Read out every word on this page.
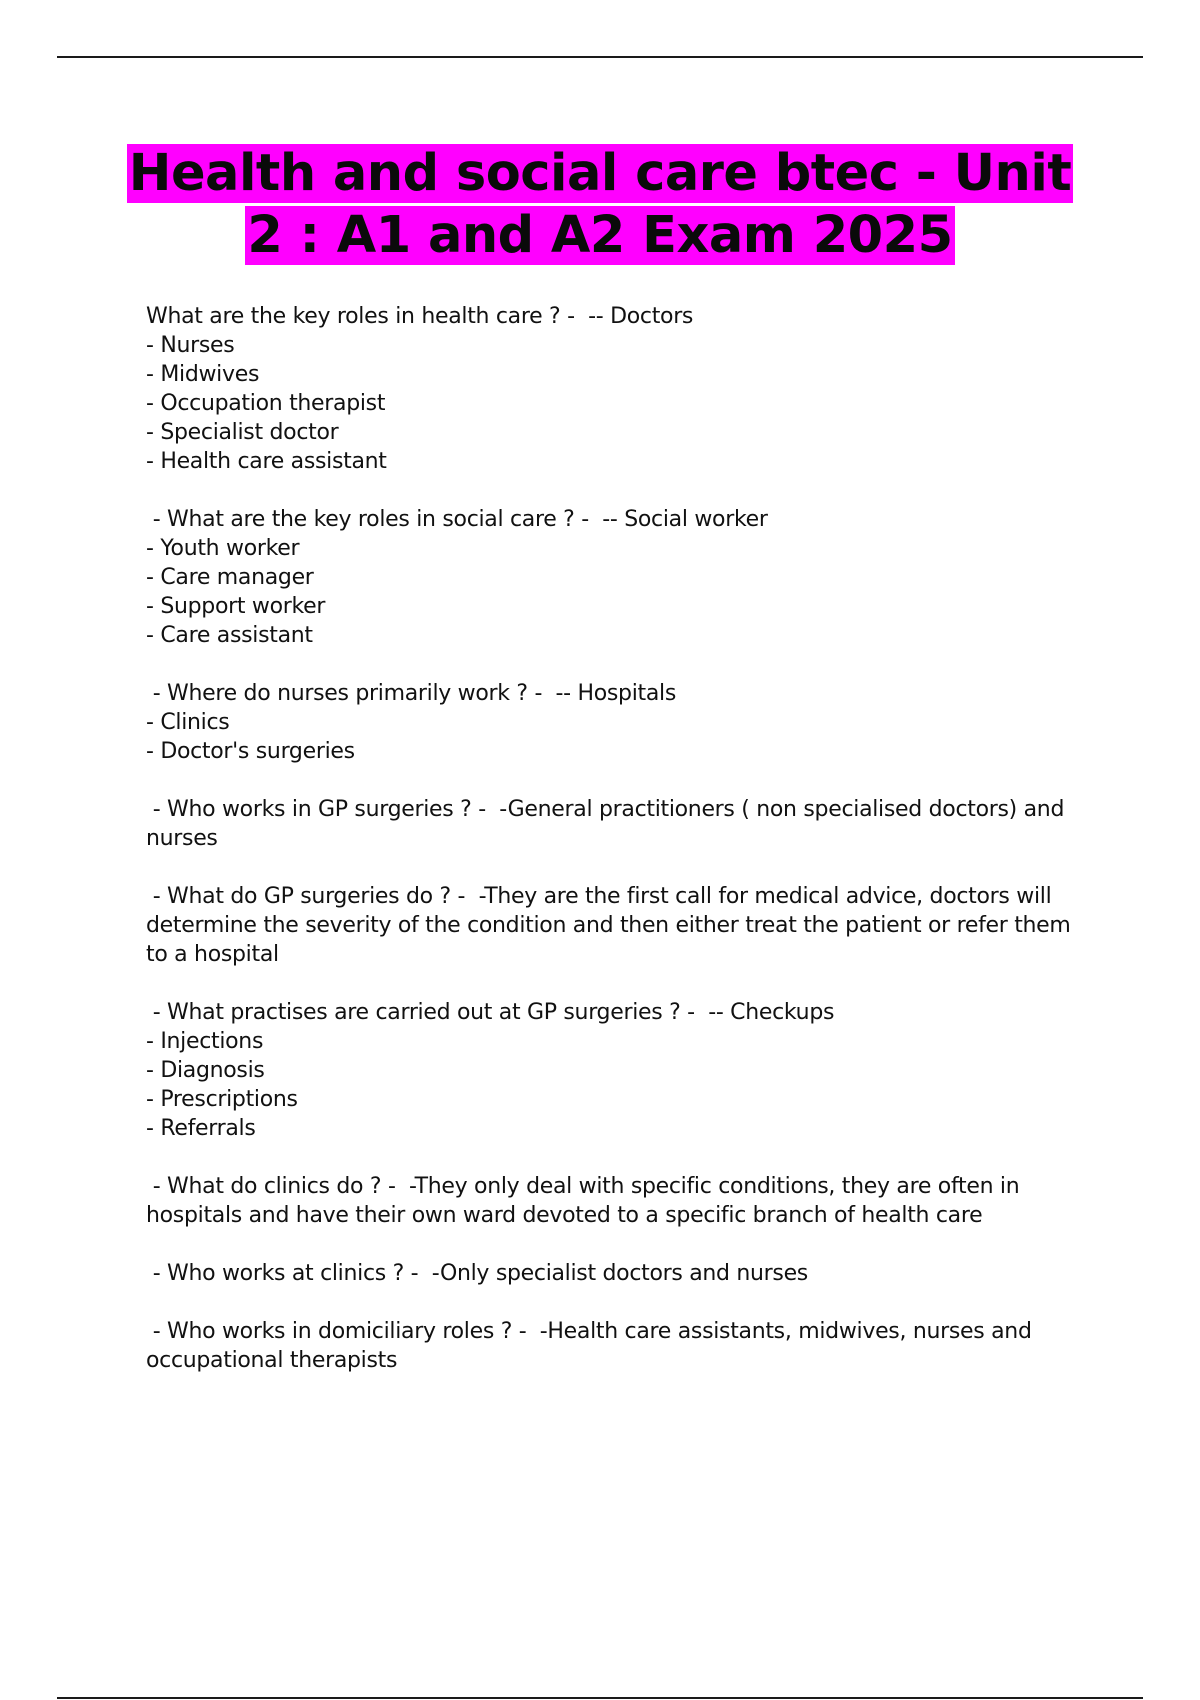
Health and social care btec - Unit
2 : A1 and A2 Exam 2025
What are the key roles in health care ? -  -- Doctors
- Nurses
- Midwives
- Occupation therapist
- Specialist doctor
- Health care assistant
- What are the key roles in social care ? -  -- Social worker
- Youth worker
- Care manager
- Support worker
- Care assistant
- Where do nurses primarily work ? -  -- Hospitals
- Clinics
- Doctor's surgeries
- Who works in GP surgeries ? -  -General practitioners ( non specialised doctors) and
nurses
- What do GP surgeries do ? -  -They are the first call for medical advice, doctors will
determine the severity of the condition and then either treat the patient or refer them
to a hospital
- What practises are carried out at GP surgeries ? -  -- Checkups
- Injections
- Diagnosis
- Prescriptions
- Referrals
- What do clinics do ? -  -They only deal with specific conditions, they are often in
hospitals and have their own ward devoted to a specific branch of health care
- Who works at clinics ? -  -Only specialist doctors and nurses
- Who works in domiciliary roles ? -  -Health care assistants, midwives, nurses and
occupational therapists
